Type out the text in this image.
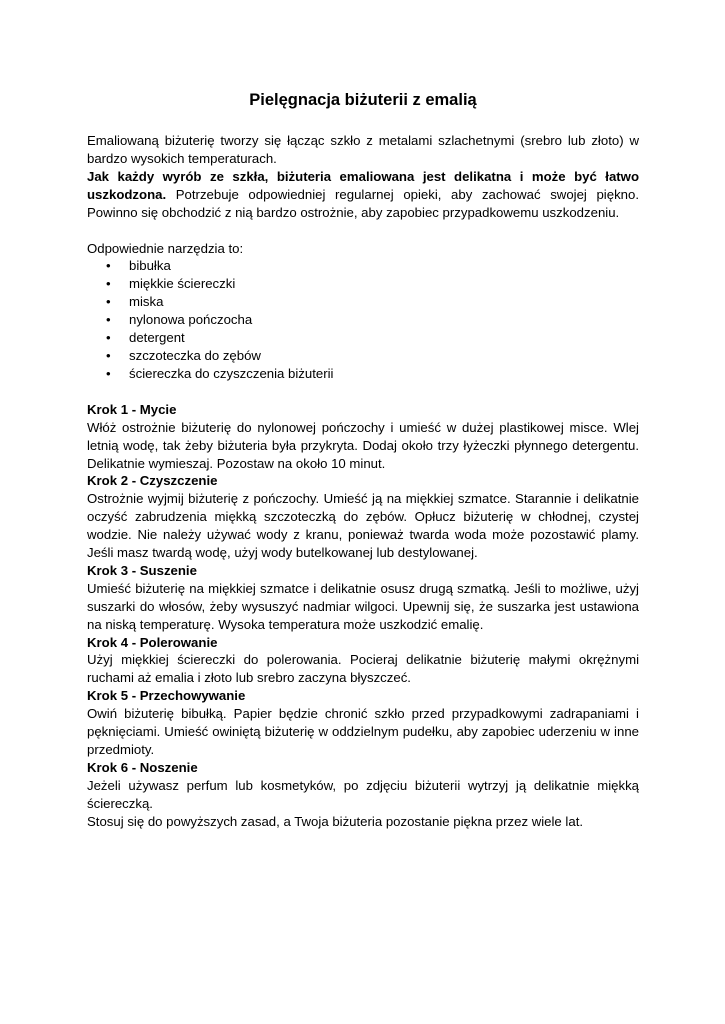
Pielęgnacja biżuterii z emalią

Emaliowaną biżuterię tworzy się łącząc szkło z metalami szlachetnymi (srebro lub złoto) w bardzo wysokich temperaturach.

Jak każdy wyrób ze szkła, biżuteria emaliowana jest delikatna i może być łatwo uszkodzona. Potrzebuje odpowiedniej regularnej opieki, aby zachować swojej piękno. Powinno się obchodzić z nią bardzo ostrożnie, aby zapobiec przypadkowemu uszkodzeniu.

Odpowiednie narzędzia to:

• bibułka
• miękkie ściereczki
• miska
• nylonowa pończocha
• detergent
• szczoteczka do zębów
• ściereczka do czyszczenia biżuterii

Krok 1 - Mycie

Włóż ostrożnie biżuterię do nylonowej pończochy i umieść w dużej plastikowej misce. Wlej letnią wodę, tak żeby biżuteria była przykryta. Dodaj około trzy łyżeczki płynnego detergentu. Delikatnie wymieszaj. Pozostaw na około 10 minut.

Krok 2 - Czyszczenie

Ostrożnie wyjmij biżuterię z pończochy. Umieść ją na miękkiej szmatce. Starannie i delikatnie oczyść zabrudzenia miękką szczoteczką do zębów. Opłucz biżuterię w chłodnej, czystej wodzie. Nie należy używać wody z kranu, ponieważ twarda woda może pozostawić plamy. Jeśli masz twardą wodę, użyj wody butelkowanej lub destylowanej.

Krok 3 - Suszenie

Umieść biżuterię na miękkiej szmatce i delikatnie osusz drugą szmatką. Jeśli to możliwe, użyj suszarki do włosów, żeby wysuszyć nadmiar wilgoci. Upewnij się, że suszarka jest ustawiona na niską temperaturę. Wysoka temperatura może uszkodzić emalię.

Krok 4 - Polerowanie

Użyj miękkiej ściereczki do polerowania. Pocieraj delikatnie biżuterię małymi okrężnymi ruchami aż emalia i złoto lub srebro zaczyna błyszczeć.

Krok 5 - Przechowywanie

Owiń biżuterię bibułką. Papier będzie chronić szkło przed przypadkowymi zadrapaniami i pęknięciami. Umieść owiniętą biżuterię w oddzielnym pudełku, aby zapobiec uderzeniu w inne przedmioty.

Krok 6 - Noszenie

Jeżeli używasz perfum lub kosmetyków, po zdjęciu biżuterii wytrzyj ją delikatnie miękką ściereczką.

Stosuj się do powyższych zasad, a Twoja biżuteria pozostanie piękna przez wiele lat.
